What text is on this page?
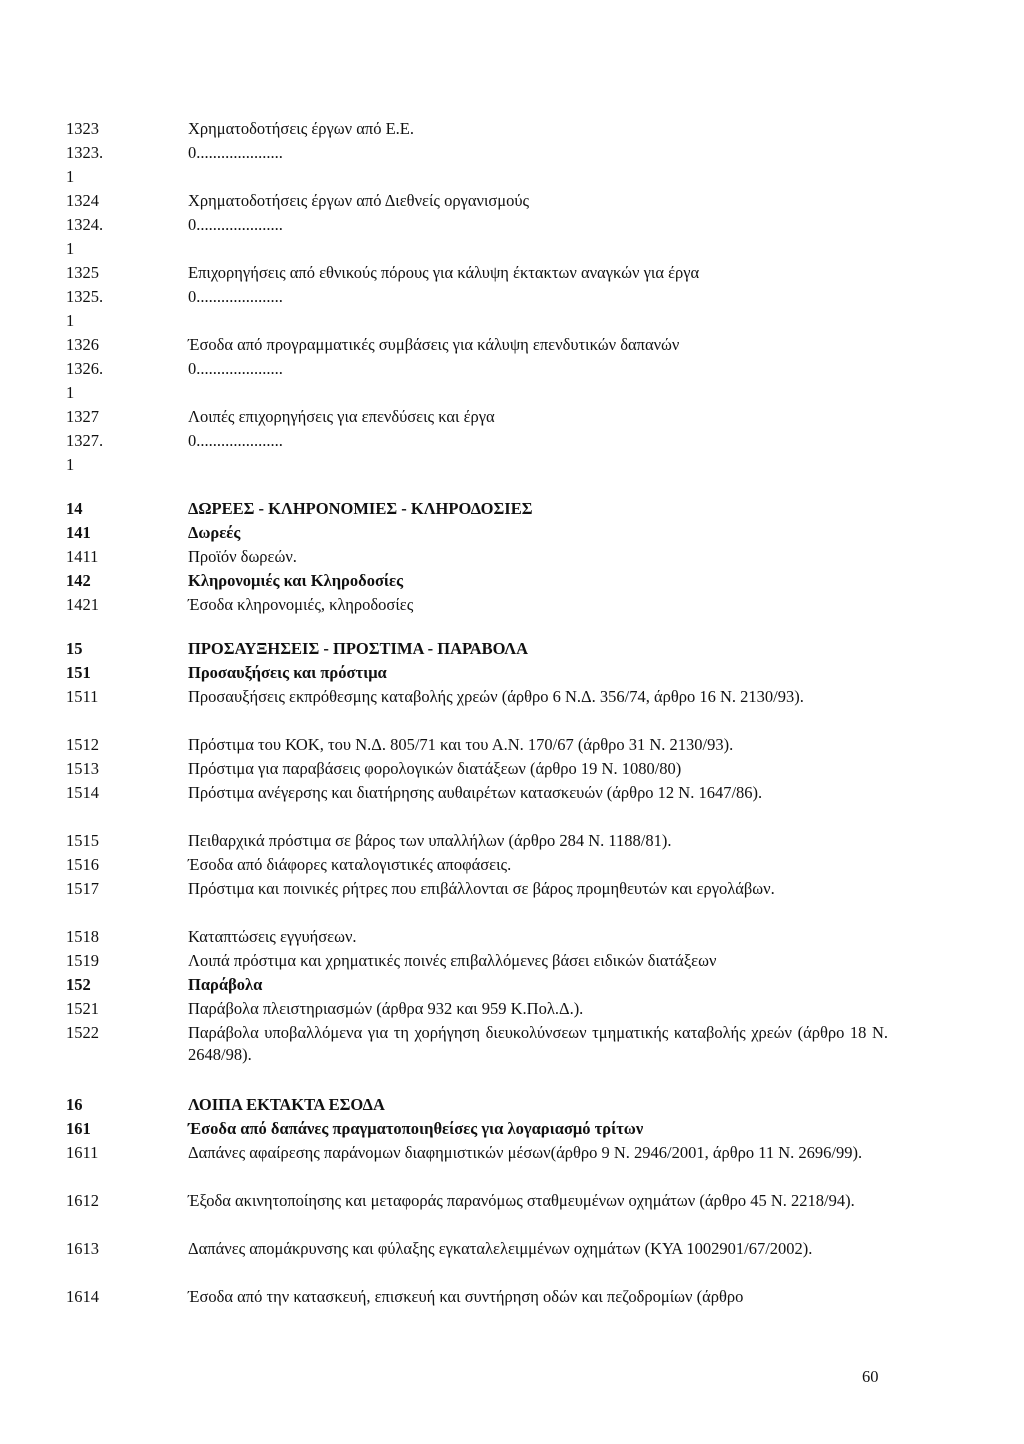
1323	Χρηματοδοτήσεις έργων από Ε.Ε.
1323.	0.....................
1
1324	Χρηματοδοτήσεις έργων από Διεθνείς οργανισμούς
1324.	0.....................
1
1325	Επιχορηγήσεις από εθνικούς πόρους για κάλυψη έκτακτων αναγκών για έργα
1325.	0.....................
1
1326	Έσοδα από προγραμματικές συμβάσεις για κάλυψη επενδυτικών δαπανών
1326.	0.....................
1
1327	Λοιπές επιχορηγήσεις για επενδύσεις και έργα
1327.	0.....................
1
14	ΔΩΡΕΕΣ - ΚΛΗΡΟΝΟΜΙΕΣ - ΚΛΗΡΟΔΟΣΙΕΣ
141	Δωρεές
1411	Προϊόν δωρεών.
142	Κληρονομιές και Κληροδοσίες
1421	Έσοδα κληρονομιές, κληροδοσίες
15	ΠΡΟΣΑΥΞΗΣΕΙΣ - ΠΡΟΣΤΙΜΑ - ΠΑΡΑΒΟΛΑ
151	Προσαυξήσεις και πρόστιμα
1511	Προσαυξήσεις εκπρόθεσμης καταβολής χρεών (άρθρο 6 Ν.Δ. 356/74, άρθρο 16 Ν. 2130/93).
1512	Πρόστιμα του ΚΟΚ, του Ν.Δ. 805/71 και του Α.Ν. 170/67 (άρθρο 31 Ν. 2130/93).
1513	Πρόστιμα για παραβάσεις φορολογικών διατάξεων (άρθρο 19 Ν. 1080/80)
1514	Πρόστιμα ανέγερσης και διατήρησης αυθαιρέτων κατασκευών (άρθρο 12 Ν. 1647/86).
1515	Πειθαρχικά πρόστιμα σε βάρος των υπαλλήλων (άρθρο 284 Ν. 1188/81).
1516	Έσοδα από διάφορες καταλογιστικές αποφάσεις.
1517	Πρόστιμα και ποινικές ρήτρες που επιβάλλονται σε βάρος προμηθευτών και εργολάβων.
1518	Καταπτώσεις εγγυήσεων.
1519	Λοιπά πρόστιμα και χρηματικές ποινές επιβαλλόμενες βάσει ειδικών διατάξεων
152	Παράβολα
1521	Παράβολα πλειστηριασμών (άρθρα 932 και 959 Κ.Πολ.Δ.).
1522	Παράβολα υποβαλλόμενα για τη χορήγηση διευκολύνσεων τμηματικής καταβολής χρεών (άρθρο 18 Ν. 2648/98).
16	ΛΟΙΠΑ ΕΚΤΑΚΤΑ ΕΣΟΔΑ
161	Έσοδα από δαπάνες πραγματοποιηθείσες για λογαριασμό τρίτων
1611	Δαπάνες αφαίρεσης παράνομων διαφημιστικών μέσων(άρθρο 9 Ν. 2946/2001, άρθρο 11 Ν. 2696/99).
1612	Έξοδα ακινητοποίησης και μεταφοράς παρανόμως σταθμευμένων οχημάτων (άρθρο 45 Ν. 2218/94).
1613	Δαπάνες απομάκρυνσης και φύλαξης εγκαταλελειμμένων οχημάτων (ΚΥΑ 1002901/67/2002).
1614	Έσοδα από την κατασκευή, επισκευή και συντήρηση οδών και πεζοδρομίων (άρθρο
60
